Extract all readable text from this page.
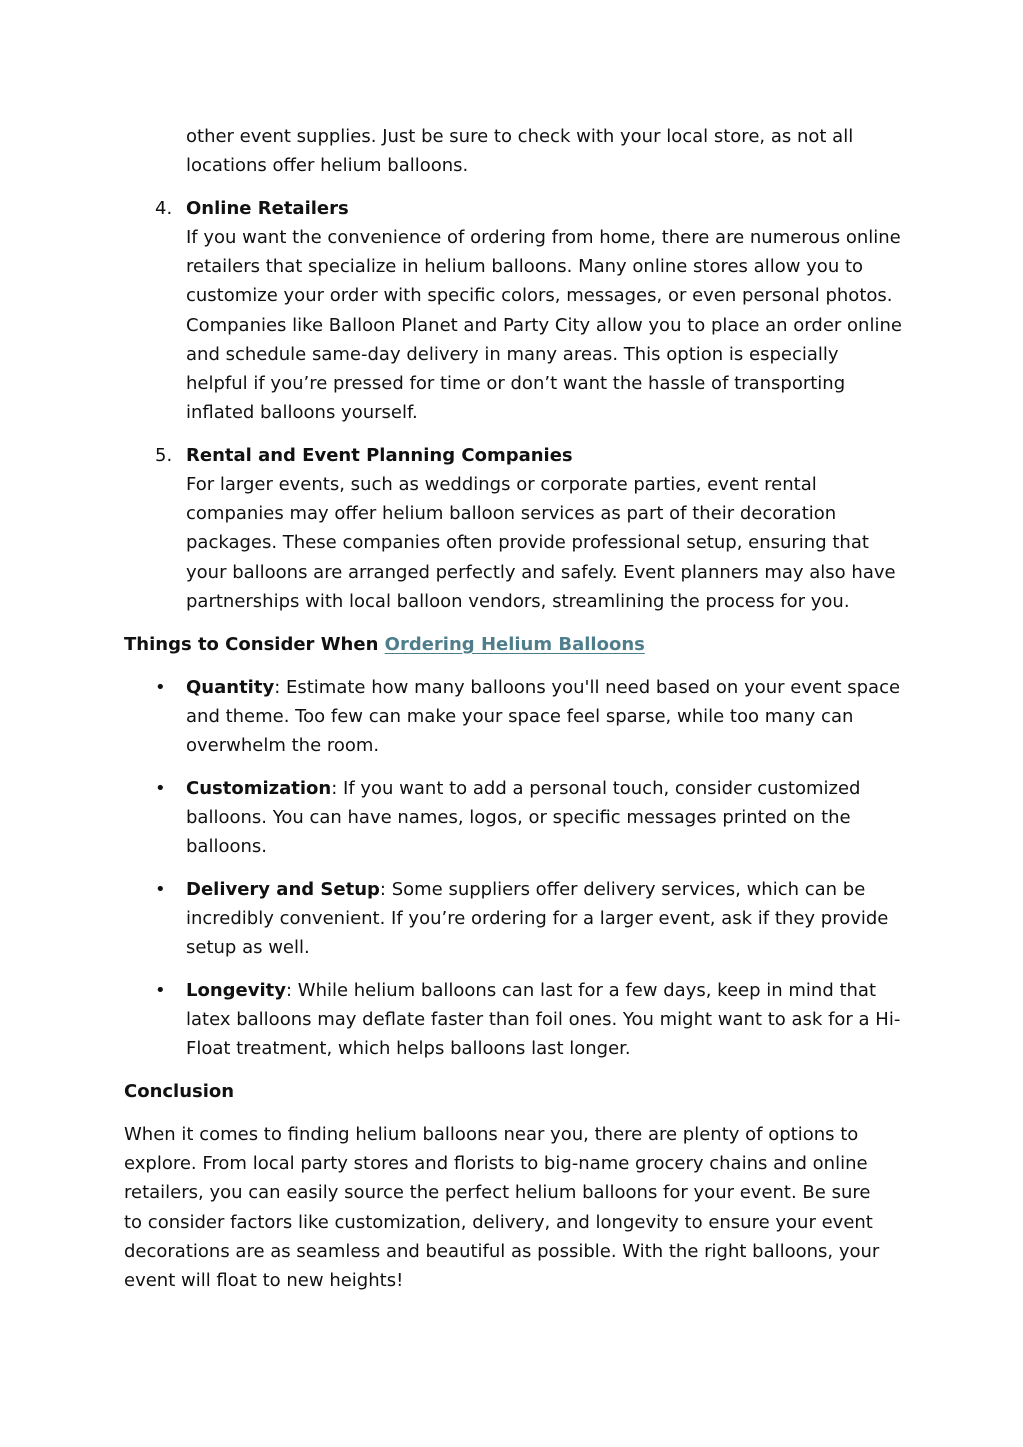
other event supplies. Just be sure to check with your local store, as not all locations offer helium balloons.

4. Online Retailers

If you want the convenience of ordering from home, there are numerous online retailers that specialize in helium balloons. Many online stores allow you to customize your order with specific colors, messages, or even personal photos. Companies like Balloon Planet and Party City allow you to place an order online and schedule same-day delivery in many areas. This option is especially helpful if you’re pressed for time or don’t want the hassle of transporting inflated balloons yourself.

5. Rental and Event Planning Companies

For larger events, such as weddings or corporate parties, event rental companies may offer helium balloon services as part of their decoration packages. These companies often provide professional setup, ensuring that your balloons are arranged perfectly and safely. Event planners may also have partnerships with local balloon vendors, streamlining the process for you.

Things to Consider When Ordering Helium Balloons

• Quantity: Estimate how many balloons you'll need based on your event space and theme. Too few can make your space feel sparse, while too many can overwhelm the room.

• Customization: If you want to add a personal touch, consider customized balloons. You can have names, logos, or specific messages printed on the balloons.

• Delivery and Setup: Some suppliers offer delivery services, which can be incredibly convenient. If you’re ordering for a larger event, ask if they provide setup as well.

• Longevity: While helium balloons can last for a few days, keep in mind that latex balloons may deflate faster than foil ones. You might want to ask for a Hi-Float treatment, which helps balloons last longer.

Conclusion

When it comes to finding helium balloons near you, there are plenty of options to explore. From local party stores and florists to big-name grocery chains and online retailers, you can easily source the perfect helium balloons for your event. Be sure to consider factors like customization, delivery, and longevity to ensure your event decorations are as seamless and beautiful as possible. With the right balloons, your event will float to new heights!
